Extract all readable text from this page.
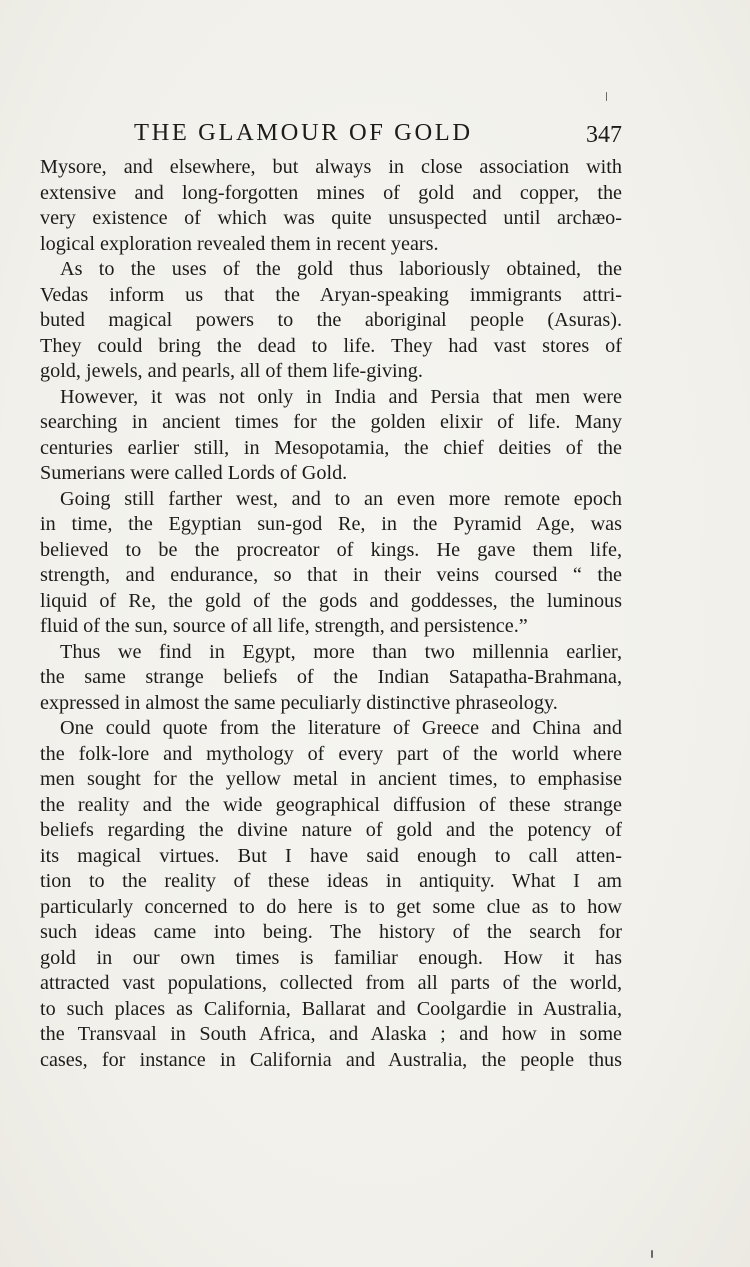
THE GLAMOUR OF GOLD	347
Mysore, and elsewhere, but always in close association with
extensive and long-forgotten mines of gold and copper, the
very existence of which was quite unsuspected until archæo-
logical exploration revealed them in recent years.
As to the uses of the gold thus laboriously obtained, the
Vedas inform us that the Aryan-speaking immigrants attri-
buted magical powers to the aboriginal people (Asuras).
They could bring the dead to life. They had vast stores of
gold, jewels, and pearls, all of them life-giving.
However, it was not only in India and Persia that men were
searching in ancient times for the golden elixir of life. Many
centuries earlier still, in Mesopotamia, the chief deities of the
Sumerians were called Lords of Gold.
Going still farther west, and to an even more remote epoch
in time, the Egyptian sun-god Re, in the Pyramid Age, was
believed to be the procreator of kings. He gave them life,
strength, and endurance, so that in their veins coursed “ the
liquid of Re, the gold of the gods and goddesses, the luminous
fluid of the sun, source of all life, strength, and persistence.”
Thus we find in Egypt, more than two millennia earlier,
the same strange beliefs of the Indian Satapatha-Brahmana,
expressed in almost the same peculiarly distinctive phraseology.
One could quote from the literature of Greece and China and
the folk-lore and mythology of every part of the world where
men sought for the yellow metal in ancient times, to emphasise
the reality and the wide geographical diffusion of these strange
beliefs regarding the divine nature of gold and the potency of
its magical virtues. But I have said enough to call atten-
tion to the reality of these ideas in antiquity. What I am
particularly concerned to do here is to get some clue as to how
such ideas came into being. The history of the search for
gold in our own times is familiar enough. How it has
attracted vast populations, collected from all parts of the world,
to such places as California, Ballarat and Coolgardie in Australia,
the Transvaal in South Africa, and Alaska ; and how in some
cases, for instance in California and Australia, the people thus
